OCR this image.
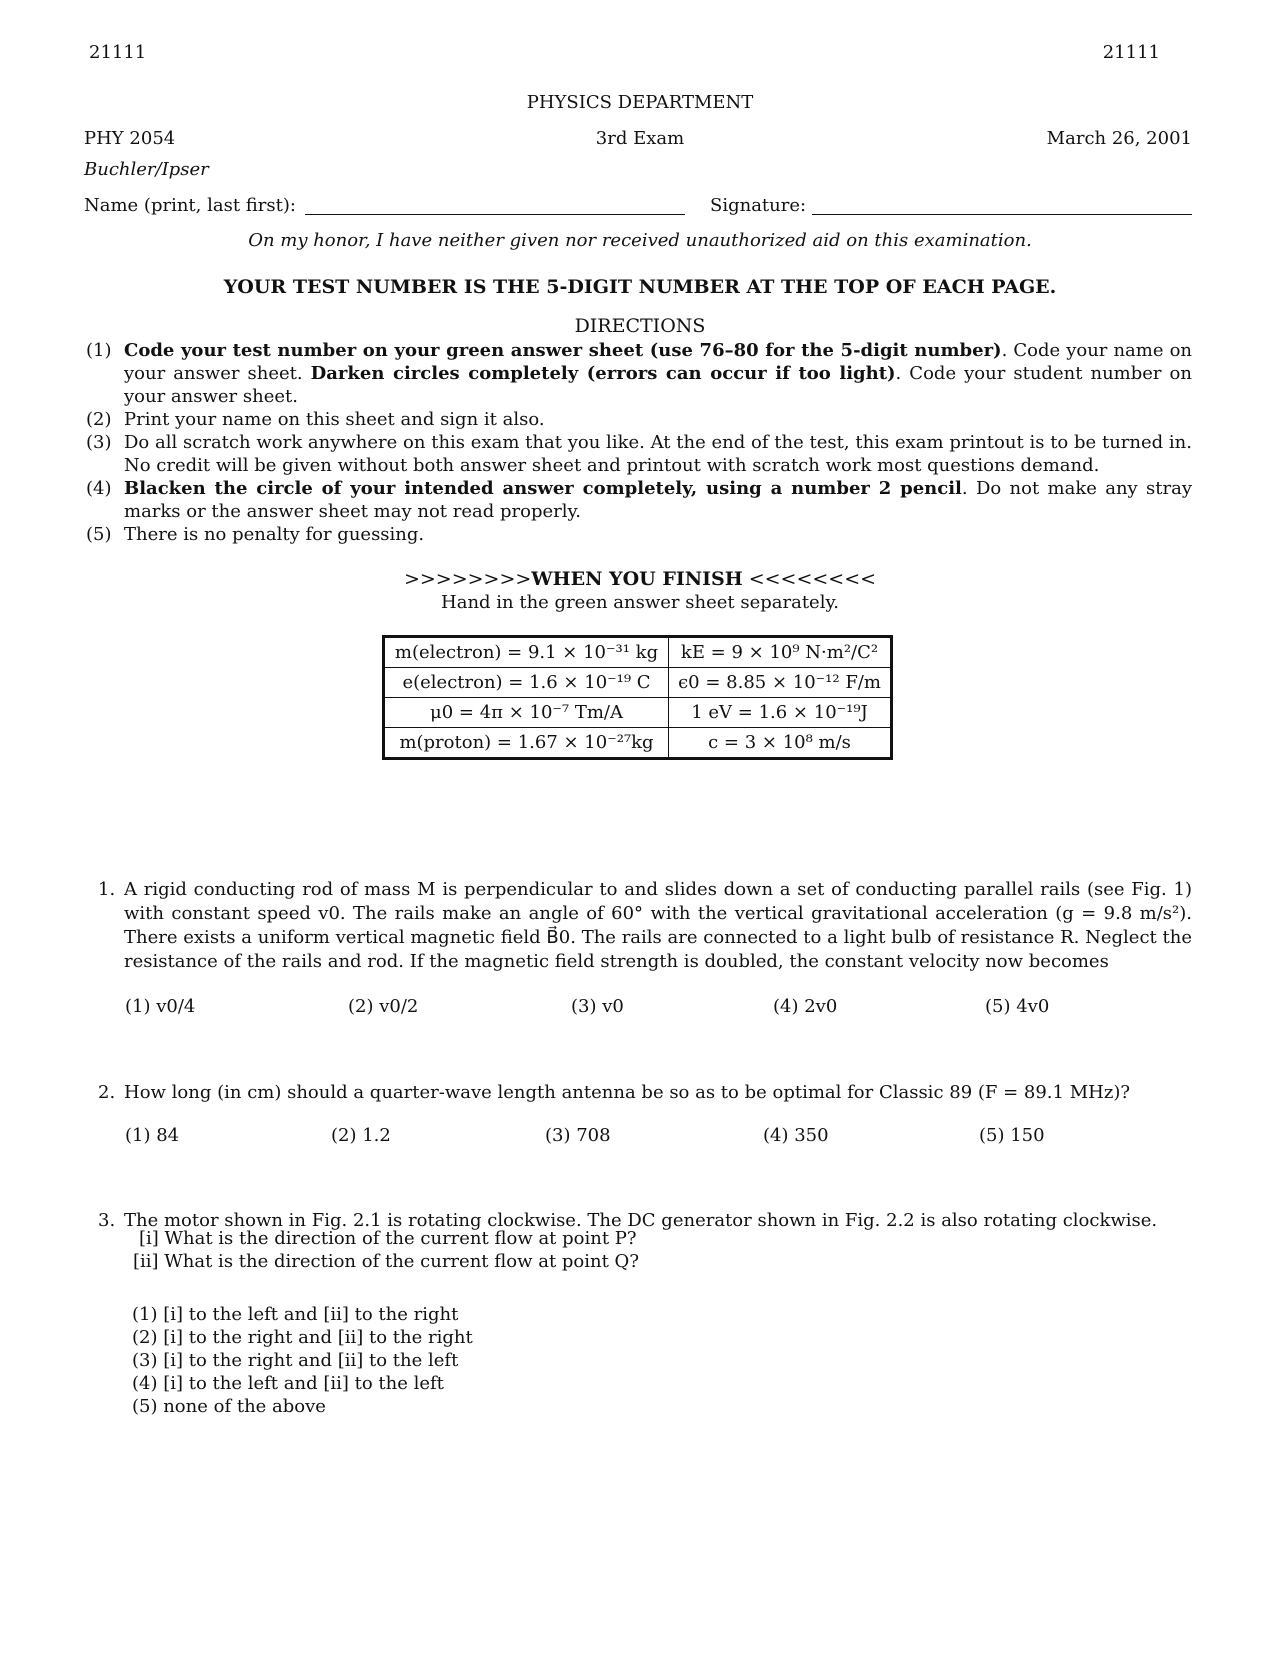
21111	21111
PHYSICS DEPARTMENT
PHY 2054	3rd Exam	March 26, 2001
Buchler/Ipser
Name (print, last first):	Signature:
On my honor, I have neither given nor received unauthorized aid on this examination.
YOUR TEST NUMBER IS THE 5-DIGIT NUMBER AT THE TOP OF EACH PAGE.
DIRECTIONS
(1) Code your test number on your green answer sheet (use 76–80 for the 5-digit number). Code your name on your answer sheet. Darken circles completely (errors can occur if too light). Code your student number on your answer sheet.
(2) Print your name on this sheet and sign it also.
(3) Do all scratch work anywhere on this exam that you like. At the end of the test, this exam printout is to be turned in. No credit will be given without both answer sheet and printout with scratch work most questions demand.
(4) Blacken the circle of your intended answer completely, using a number 2 pencil. Do not make any stray marks or the answer sheet may not read properly.
(5) There is no penalty for guessing.
>>>>>>>>WHEN YOU FINISH <<<<<<<<
Hand in the green answer sheet separately.
m(electron) = 9.1 × 10⁻³¹ kg	kE = 9 × 10⁹ N·m²/C²
e(electron) = 1.6 × 10⁻¹⁹ C	ϵ0 = 8.85 × 10⁻¹² F/m
μ0 = 4π × 10⁻⁷ Tm/A	1 eV = 1.6 × 10⁻¹⁹J
m(proton) = 1.67 × 10⁻²⁷kg	c = 3 × 10⁸ m/s
1. A rigid conducting rod of mass M is perpendicular to and slides down a set of conducting parallel rails (see Fig. 1) with constant speed v0. The rails make an angle of 60° with the vertical gravitational acceleration (g = 9.8 m/s²). There exists a uniform vertical magnetic field B⃗0. The rails are connected to a light bulb of resistance R. Neglect the resistance of the rails and rod. If the magnetic field strength is doubled, the constant velocity now becomes
(1) v0/4	(2) v0/2	(3) v0	(4) 2v0	(5) 4v0
2. How long (in cm) should a quarter-wave length antenna be so as to be optimal for Classic 89 (F = 89.1 MHz)?
(1) 84	(2) 1.2	(3) 708	(4) 350	(5) 150
3. The motor shown in Fig. 2.1 is rotating clockwise. The DC generator shown in Fig. 2.2 is also rotating clockwise.
[i] What is the direction of the current flow at point P?
[ii] What is the direction of the current flow at point Q?
(1) [i] to the left and [ii] to the right
(2) [i] to the right and [ii] to the right
(3) [i] to the right and [ii] to the left
(4) [i] to the left and [ii] to the left
(5) none of the above
